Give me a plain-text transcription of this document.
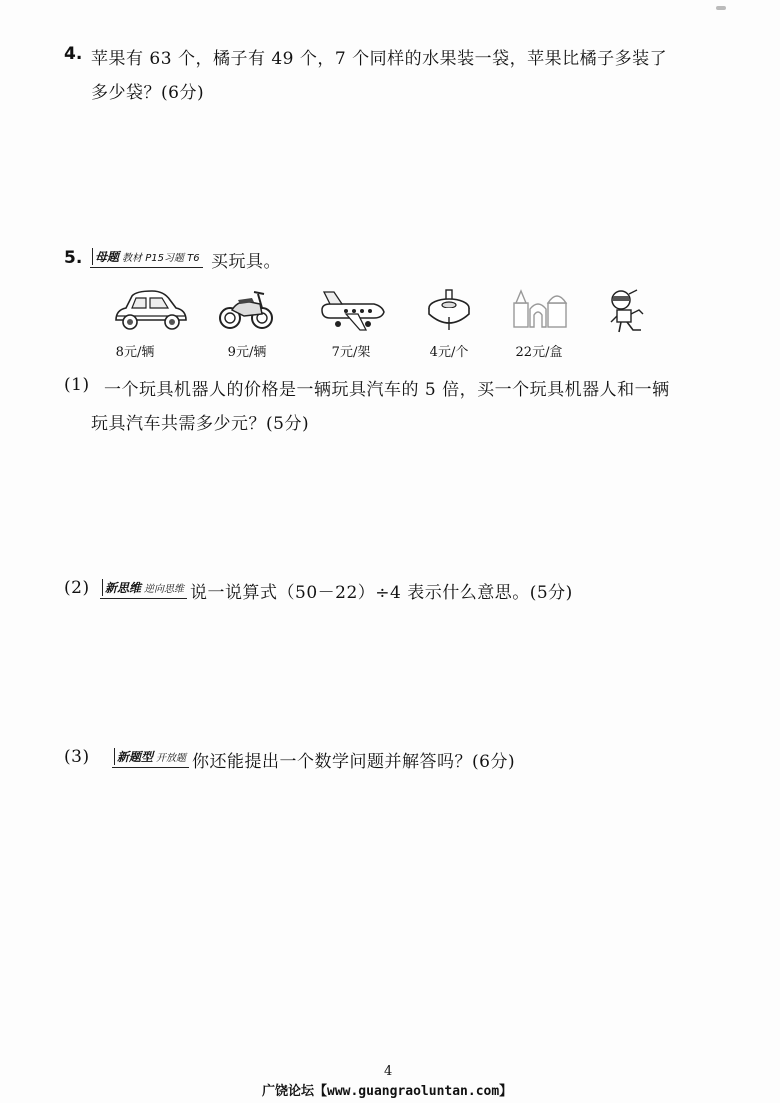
4. 苹果有 63 个，橘子有 49 个，7 个同样的水果装一袋，苹果比橘子多装了
多少袋？(6分)
5. 母题 教材 P15习题 T6 买玩具。
8元/辆	9元/辆	7元/架	4元/个	22元/盒
(1) 一个玩具机器人的价格是一辆玩具汽车的 5 倍，买一个玩具机器人和一辆
玩具汽车共需多少元？(5分)
(2) 新思维 逆向思维 说一说算式（50－22）÷4 表示什么意思。(5分)
(3) 新题型 开放题 你还能提出一个数学问题并解答吗？(6分)
4
广饶论坛【www.guangraoluntan.com】
